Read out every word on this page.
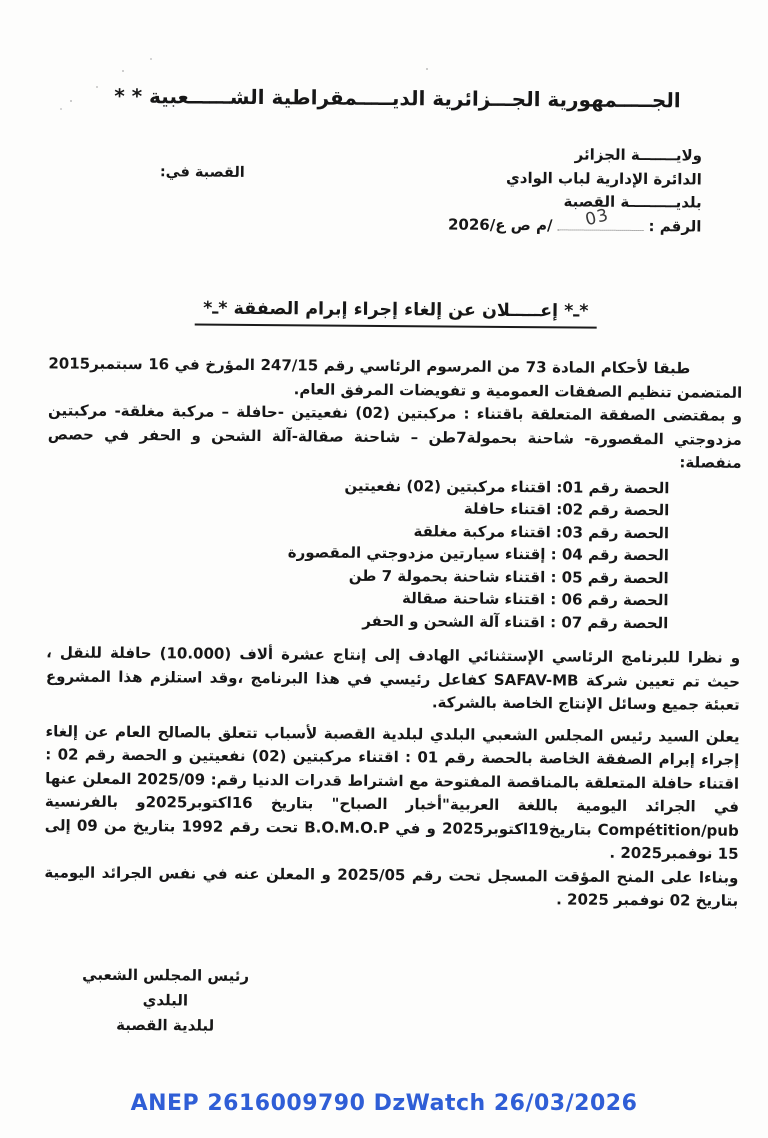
الجـــــمهورية الجـــزائرية الديـــــمقراطية الشــــــعبية * *
ولايـــــــة الجزائر
الدائرة الإدارية لباب الوادي
بلديـــــــــة القصبة
الرقم :
03
/م ص ع/2026
القصبة في:
*ـ* إعـــــلان عن إلغاء إجراء إبرام الصفقة *ـ*

طبقا لأحكام المادة 73 من المرسوم الرئاسي رقم 247/15 المؤرخ في 16 سبتمبر2015 المتضمن تنظيم الصفقات العمومية و تفويضات المرفق العام.

و بمقتضى الصفقة المتعلقة باقتناء : مركبتين (02) نفعيتين -حافلة – مركبة مغلقة- مركبتين مزدوجتي المقصورة- شاحنة بحمولة7طن – شاحنة صقالة-آلة الشحن و الحفر في حصص منفصلة:

الحصة رقم 01: اقتناء مركبتين (02) نفعيتين
الحصة رقم 02: اقتناء حافلة
الحصة رقم 03: اقتناء مركبة مغلقة
الحصة رقم 04 : إقتناء سيارتين مزدوجتي المقصورة
الحصة رقم 05 : اقتناء شاحنة بحمولة 7 طن
الحصة رقم 06 : اقتناء شاحنة صقالة
الحصة رقم 07 : اقتناء آلة الشحن و الحفر

و نظرا للبرنامج الرئاسي الإستثنائي الهادف إلى إنتاج عشرة ألاف (10.000) حافلة للنقل ، حيث تم تعيين شركة SAFAV-MB كفاعل رئيسي في هذا البرنامج ،وقد استلزم هذا المشروع تعبئة جميع وسائل الإنتاج الخاصة بالشركة.

يعلن السيد رئيس المجلس الشعبي البلدي لبلدية القصبة لأسباب تتعلق بالصالح العام عن إلغاء إجراء إبرام الصفقة الخاصة بالحصة رقم 01 : اقتناء مركبتين (02) نفعيتين و الحصة رقم 02 : اقتناء حافلة المتعلقة بالمناقصة المفتوحة مع اشتراط قدرات الدنيا رقم: 2025/09 المعلن عنها في الجرائد اليومية باللغة العربية"أخبار الصباح" بتاريخ 16اكتوبر2025و بالفرنسية Compétition/pub بتاريخ19اكتوبر2025 و في B.O.M.O.P تحت رقم 1992 بتاريخ من 09 إلى 15 نوفمبر2025 .

وبناءا على المنح المؤقت المسجل تحت رقم 2025/05 و المعلن عنه في نفس الجرائد اليومية بتاريخ 02 نوفمبر 2025 .

رئيس المجلس الشعبي البلدي
لبلدية القصبة
ANEP 2616009790 DzWatch 26/03/2026
